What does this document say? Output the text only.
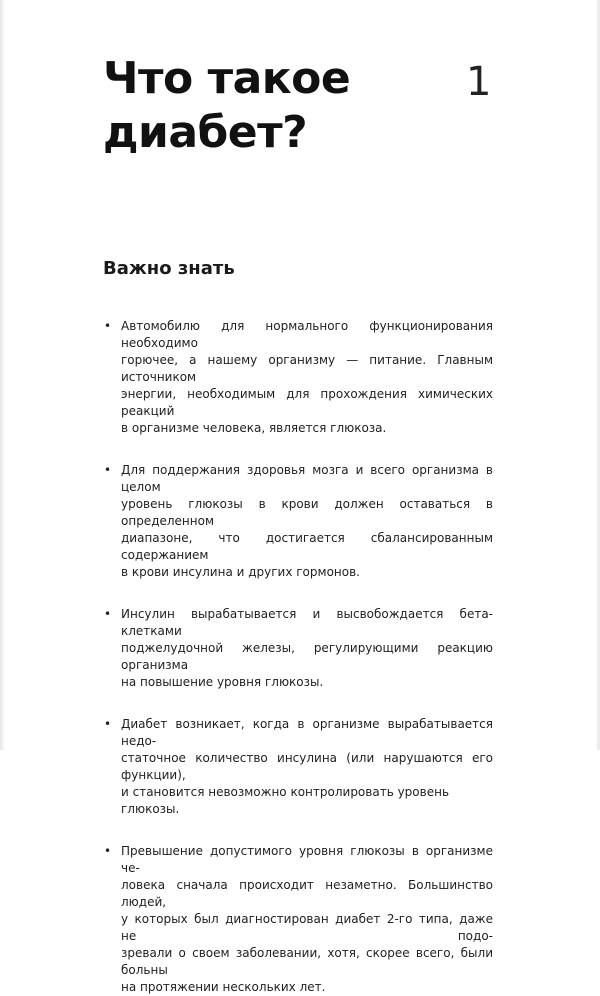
Что такое
диабет?
1
Важно знать
• Автомобилю для нормального функционирования необходимо
горючее, а нашему организму — питание. Главным источником
энергии, необходимым для прохождения химических реакций
в организме человека, является глюкоза.
• Для поддержания здоровья мозга и всего организма в целом
уровень глюкозы в крови должен оставаться в определенном
диапазоне, что достигается сбалансированным содержанием
в крови инсулина и других гормонов.
• Инсулин вырабатывается и высвобождается бета-клетками
поджелудочной железы, регулирующими реакцию организма
на повышение уровня глюкозы.
• Диабет возникает, когда в организме вырабатывается недо-
статочное количество инсулина (или нарушаются его функции),
и становится невозможно контролировать уровень глюкозы.
• Превышение допустимого уровня глюкозы в организме че-
ловека сначала происходит незаметно. Большинство людей,
у которых был диагностирован диабет 2-го типа, даже не подо-
зревали о своем заболевании, хотя, скорее всего, были больны
на протяжении нескольких лет.
